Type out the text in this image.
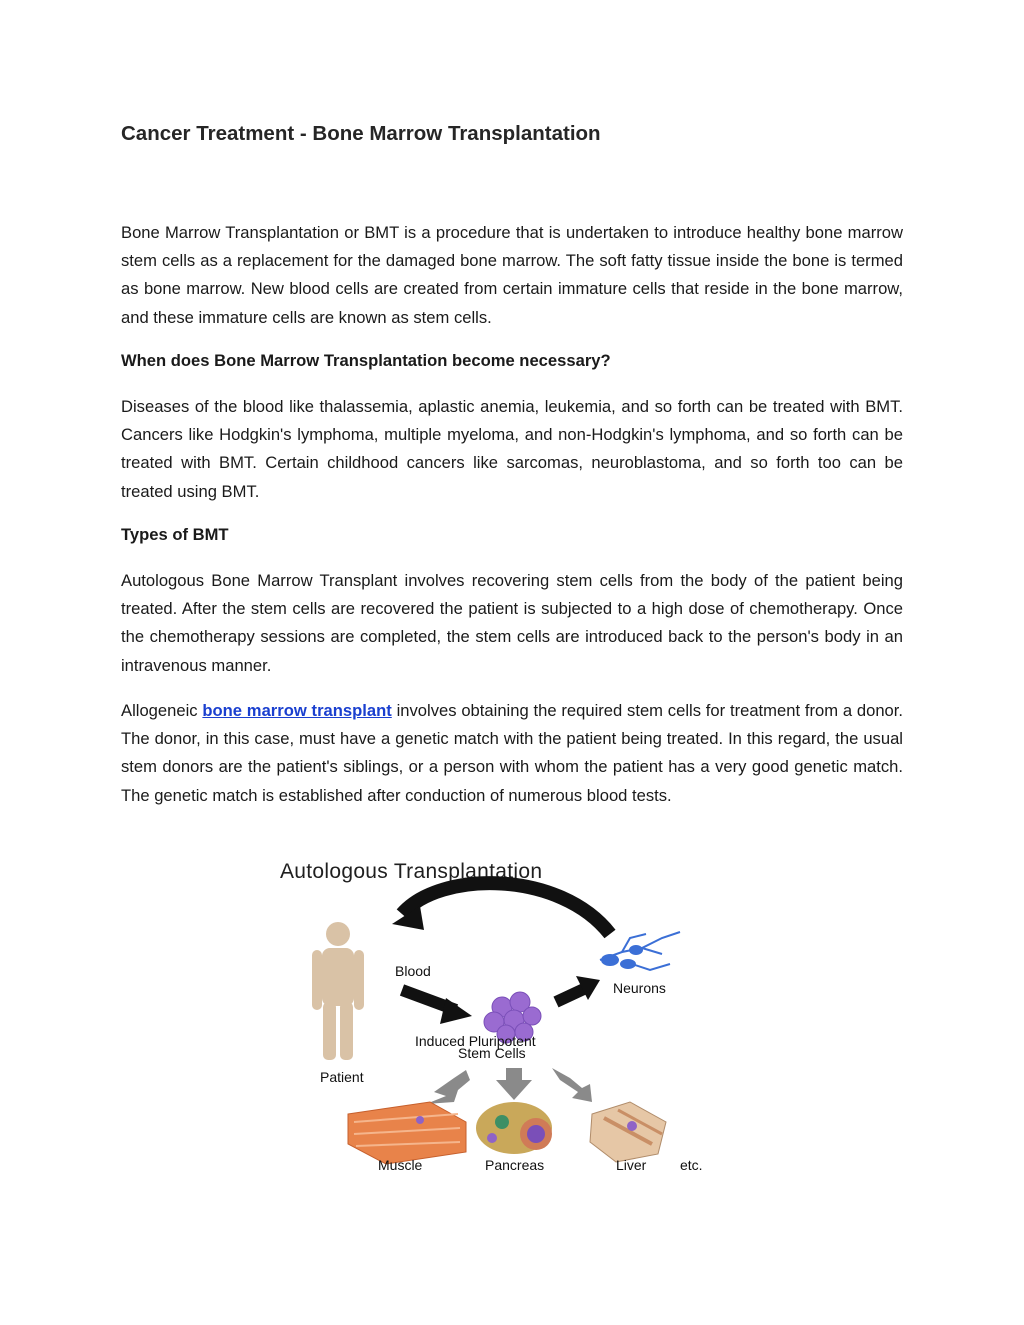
Cancer Treatment - Bone Marrow Transplantation

Bone Marrow Transplantation or BMT is a procedure that is undertaken to introduce healthy bone marrow stem cells as a replacement for the damaged bone marrow. The soft fatty tissue inside the bone is termed as bone marrow. New blood cells are created from certain immature cells that reside in the bone marrow, and these immature cells are known as stem cells.

When does Bone Marrow Transplantation become necessary?

Diseases of the blood like thalassemia, aplastic anemia, leukemia, and so forth can be treated with BMT. Cancers like Hodgkin's lymphoma, multiple myeloma, and non-Hodgkin's lymphoma, and so forth can be treated with BMT. Certain childhood cancers like sarcomas, neuroblastoma, and so forth too can be treated using BMT.

Types of BMT

Autologous Bone Marrow Transplant involves recovering stem cells from the body of the patient being treated. After the stem cells are recovered the patient is subjected to a high dose of chemotherapy. Once the chemotherapy sessions are completed, the stem cells are introduced back to the person's body in an intravenous manner.

Allogeneic bone marrow transplant involves obtaining the required stem cells for treatment from a donor. The donor, in this case, must have a genetic match with the patient being treated. In this regard, the usual stem donors are the patient's siblings, or a person with whom the patient has a very good genetic match. The genetic match is established after conduction of numerous blood tests.

Autologous Transplantation
Patient
Blood
Induced Pluripotent
Stem Cells
Neurons
Muscle	Pancreas	Liver etc.
